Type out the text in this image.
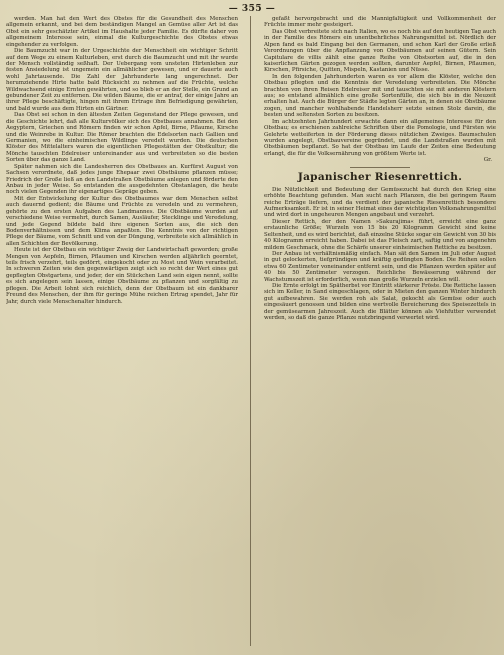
— 355 —

werden. Man hat den Wert des Obstes für die Gesundheit des Menschen allgemein erkannt, und bei dem beständigen Mangel an Gemüse aller Art ist das Obst ein sehr geschätzter Artikel im Haushalte jeder Familie. Es dürfte daher von allgemeinem Interesse sein, einmal die Kulturgeschichte des Obstes etwas eingehender zu verfolgen.

Die Baumzucht war in der Urgeschichte der Menschheit ein wichtiger Schritt auf dem Wege zu einem Kulturleben, erst durch die Baumzucht und mit ihr wurde der Mensch vollständig seßhaft. Der Uebergang vom unsteten Hirtenleben zur festen Ansiedelung ist ungemein ein allmählicher gewesen, und er dauerte auch wohl Jahrtausende. Die Zahl der Jahrhunderte lang ungerechnet. Der herumziehende Hirte hatte bald Rücksicht zu nehmen auf die Früchte, welche Wildwachsend einige Ernten gewährten, und so blieb er an der Stelle, ein Grund an gebundener Zeit zu entfernen. Die wilden Bäume, die er antraf, der einige Jahre an ihrer Pflege beschäftigte, hingen mit ihrem Ertrage ihm Befriedigung gewährten, und bald wurde aus dem Hirten ein Gärtner.

Das Obst sei schon in den ältesten Zeiten Gegenstand der Pflege gewesen, und die Geschichte lehrt, daß alle Kulturvölker sich des Obstbaues annahmen. Bei den Aegyptern, Griechen und Römern finden wir schon Apfel, Birne, Pflaume, Kirsche und die Weinrebe in Kultur. Die Römer brachten die Edelsorten nach Gallien und Germanien, wo die einheimischen Wildlinge veredelt wurden. Die deutschen Klöster des Mittelalters waren die eigentlichen Pflegestätten der Obstkultur; die Mönche tauschten Edelreiser untereinander aus und verbreiteten so die besten Sorten über das ganze Land.

Später nahmen sich die Landesherren des Obstbaues an. Kurfürst August von Sachsen verordnete, daß jedes junge Ehepaar zwei Obstbäume pflanzen müsse; Friedrich der Große ließ an den Landstraßen Obstbäume anlegen und förderte den Anbau in jeder Weise. So entstanden die ausgedehnten Obstanlagen, die heute noch vielen Gegenden ihr eigenartiges Gepräge geben.

Mit der Entwickelung der Kultur des Obstbaumes war dem Menschen selbst auch dauernd gedient; die Bäume und Früchte zu veredeln und zu vermehren, gehörte zu den ersten Aufgaben des Landmannes. Die Obstbäume wurden auf verschiedene Weise vermehrt, durch Samen, Ausläufer, Stecklinge und Veredelung, und jede Gegend bildete bald ihre eigenen Sorten aus, die sich den Bodenverhältnissen und dem Klima anpaßten. Die Kenntnis von der richtigen Pflege der Bäume, vom Schnitt und von der Düngung, verbreitete sich allmählich in allen Schichten der Bevölkerung.

Heute ist der Obstbau ein wichtiger Zweig der Landwirtschaft geworden; große Mengen von Aepfeln, Birnen, Pflaumen und Kirschen werden alljährlich geerntet, teils frisch verzehrt, teils gedörrt, eingekocht oder zu Most und Wein verarbeitet. In schweren Zeiten wie den gegenwärtigen zeigt sich so recht der Wert eines gut gepflegten Obstgartens, und jeder, der ein Stückchen Land sein eigen nennt, sollte es sich angelegen sein lassen, einige Obstbäume zu pflanzen und sorgfältig zu pflegen. Die Arbeit lohnt sich reichlich, denn der Obstbaum ist ein dankbarer Freund des Menschen, der ihm für geringe Mühe reichen Ertrag spendet, Jahr für Jahr, durch viele Menschenalter hindurch.

gefaßt hervorgebracht und die Mannigfaltigkeit und Vollkommenheit der Früchte immer mehr gesteigert.

Das Obst verbreitete sich nach Italien, wo es noch bis auf den heutigen Tag auch in der Familie des Römers ein unentbehrliches Nahrungsmittel ist. Nördlich der Alpen fand es bald Eingang bei den Germanen, und schon Karl der Große erließ Verordnungen über die Anpflanzung von Obstbäumen auf seinen Gütern. Sein Capitulare de villis zählt eine ganze Reihe von Obstsorten auf, die in den kaiserlichen Gärten gezogen werden sollten, darunter Aepfel, Birnen, Pflaumen, Kirschen, Pfirsiche, Quitten, Mispeln, Kastanien und Nüsse.

In den folgenden Jahrhunderten waren es vor allem die Klöster, welche den Obstbau pflegten und die Kenntnis der Veredelung verbreiteten. Die Mönche brachten von ihren Reisen Edelreiser mit und tauschten sie mit anderen Klöstern aus; so entstand allmählich eine große Sortenfülle, die sich bis in die Neuzeit erhalten hat. Auch die Bürger der Städte legten Gärten an, in denen sie Obstbäume zogen, und mancher wohlhabende Handelsherr setzte seinen Stolz darein, die besten und seltensten Sorten zu besitzen.

Im achtzehnten Jahrhundert erwachte dann ein allgemeines Interesse für den Obstbau; es erschienen zahlreiche Schriften über die Pomologie, und Fürsten wie Gelehrte wetteiferten in der Förderung dieses nützlichen Zweiges. Baumschulen wurden angelegt, Obstbauvereine gegründet, und die Landstraßen wurden mit Obstbäumen bepflanzt. So hat der Obstbau im Laufe der Zeiten eine Bedeutung erlangt, die für die Volksernährung von größtem Werte ist.

Gr.

Japanischer Riesenrettich.

Die Nützlichkeit und Bedeutung der Gemüsezucht hat durch den Krieg eine erhöhte Beachtung gefunden. Man sucht nach Pflanzen, die bei geringem Raum reiche Erträge liefern, und da verdient der japanische Riesenrettich besondere Aufmerksamkeit. Er ist in seiner Heimat eines der wichtigsten Volksnahrungsmittel und wird dort in ungeheuren Mengen angebaut und verzehrt.

Dieser Rettich, der den Namen »Sakurajima« führt, erreicht eine ganz erstaunliche Größe; Wurzeln von 15 bis 20 Kilogramm Gewicht sind keine Seltenheit, und es wird berichtet, daß einzelne Stücke sogar ein Gewicht von 30 bis 40 Kilogramm erreicht haben. Dabei ist das Fleisch zart, saftig und von angenehm mildem Geschmack, ohne die Schärfe unserer einheimischen Rettiche zu besitzen.

Der Anbau ist verhältnismäßig einfach. Man sät den Samen im Juli oder August in gut gelockerten, tiefgründigen und kräftig gedüngten Boden. Die Reihen sollen etwa 60 Zentimeter voneinander entfernt sein, und die Pflanzen werden später auf 40 bis 50 Zentimeter verzogen. Reichliche Bewässerung während der Wachstumszeit ist erforderlich, wenn man große Wurzeln erzielen will.

Die Ernte erfolgt im Spätherbst vor Eintritt stärkerer Fröste. Die Rettiche lassen sich im Keller, in Sand eingeschlagen, oder in Mieten den ganzen Winter hindurch gut aufbewahren. Sie werden roh als Salat, gekocht als Gemüse oder auch eingesäuert genossen und bilden eine wertvolle Bereicherung des Speisezettels in der gemüsearmen Jahreszeit. Auch die Blätter können als Viehfutter verwendet werden, so daß die ganze Pflanze nutzbringend verwertet wird.
